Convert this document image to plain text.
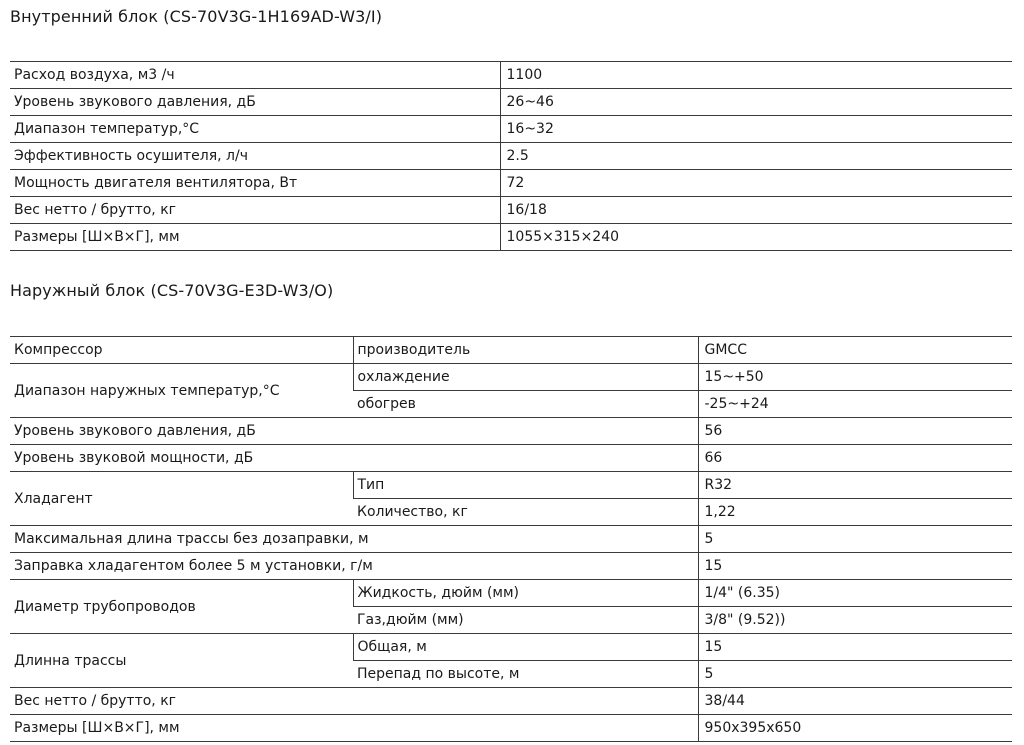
Внутренний блок (CS-70V3G-1H169AD-W3/I)
Расход воздуха, м3 /ч	1100
Уровень звукового давления, дБ	26~46
Диапазон температур,°С	16~32
Эффективность осушителя, л/ч	2.5
Мощность двигателя вентилятора, Вт	72
Вес нетто / брутто, кг	16/18
Размеры [Ш×В×Г], мм	1055×315×240
Наружный блок (CS-70V3G-E3D-W3/O)
Компрессор	производитель	GMCC
Диапазон наружных температур,°С	охлаждение	15~+50
	обогрев	-25~+24
Уровень звукового давления, дБ		56
Уровень звуковой мощности, дБ		66
Хладагент	Тип	R32
	Количество, кг	1,22
Максимальная длина трассы без дозаправки, м		5
Заправка хладагентом более 5 м установки, г/м		15
Диаметр трубопроводов	Жидкость, дюйм (мм)	1/4" (6.35)
	Газ,дюйм (мм)	3/8" (9.52))
Длинна трассы	Общая, м	15
	Перепад по высоте, м	5
Вес нетто / брутто, кг		38/44
Размеры [Ш×В×Г], мм		950x395x650
